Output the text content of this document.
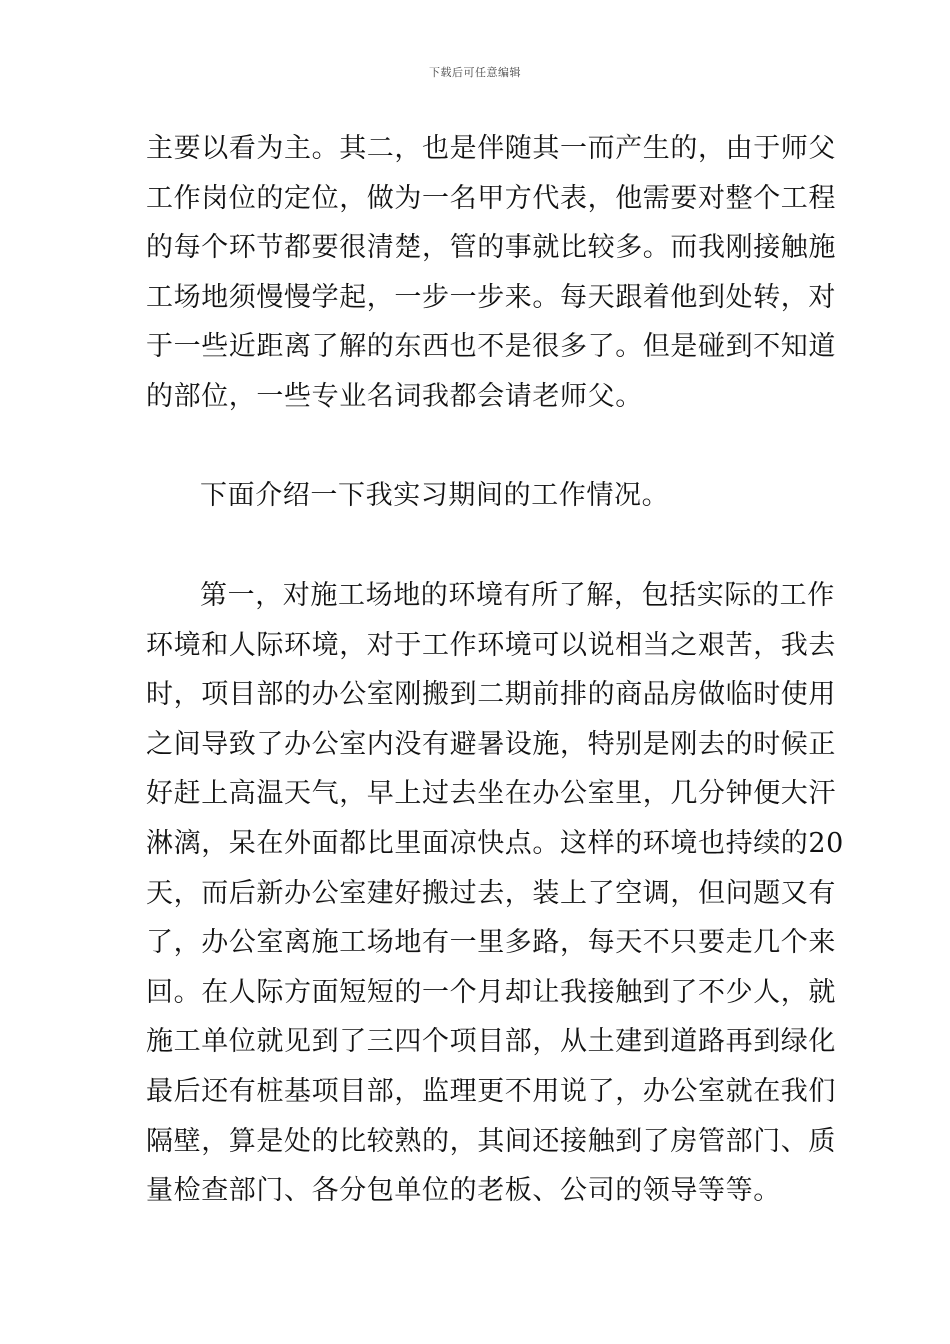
下载后可任意编辑
主要以看为主。其二，也是伴随其一而产生的，由于师父
工作岗位的定位，做为一名甲方代表，他需要对整个工程
的每个环节都要很清楚，管的事就比较多。而我刚接触施
工场地须慢慢学起，一步一步来。每天跟着他到处转，对
于一些近距离了解的东西也不是很多了。但是碰到不知道
的部位，一些专业名词我都会请老师父。
下面介绍一下我实习期间的工作情况。
第一，对施工场地的环境有所了解，包括实际的工作
环境和人际环境，对于工作环境可以说相当之艰苦，我去
时，项目部的办公室刚搬到二期前排的商品房做临时使用
之间导致了办公室内没有避暑设施，特别是刚去的时候正
好赶上高温天气，早上过去坐在办公室里，几分钟便大汗
淋漓，呆在外面都比里面凉快点。这样的环境也持续的20
天，而后新办公室建好搬过去，装上了空调，但问题又有
了，办公室离施工场地有一里多路，每天不只要走几个来
回。在人际方面短短的一个月却让我接触到了不少人，就
施工单位就见到了三四个项目部，从土建到道路再到绿化
最后还有桩基项目部，监理更不用说了，办公室就在我们
隔壁，算是处的比较熟的，其间还接触到了房管部门、质
量检查部门、各分包单位的老板、公司的领导等等。
